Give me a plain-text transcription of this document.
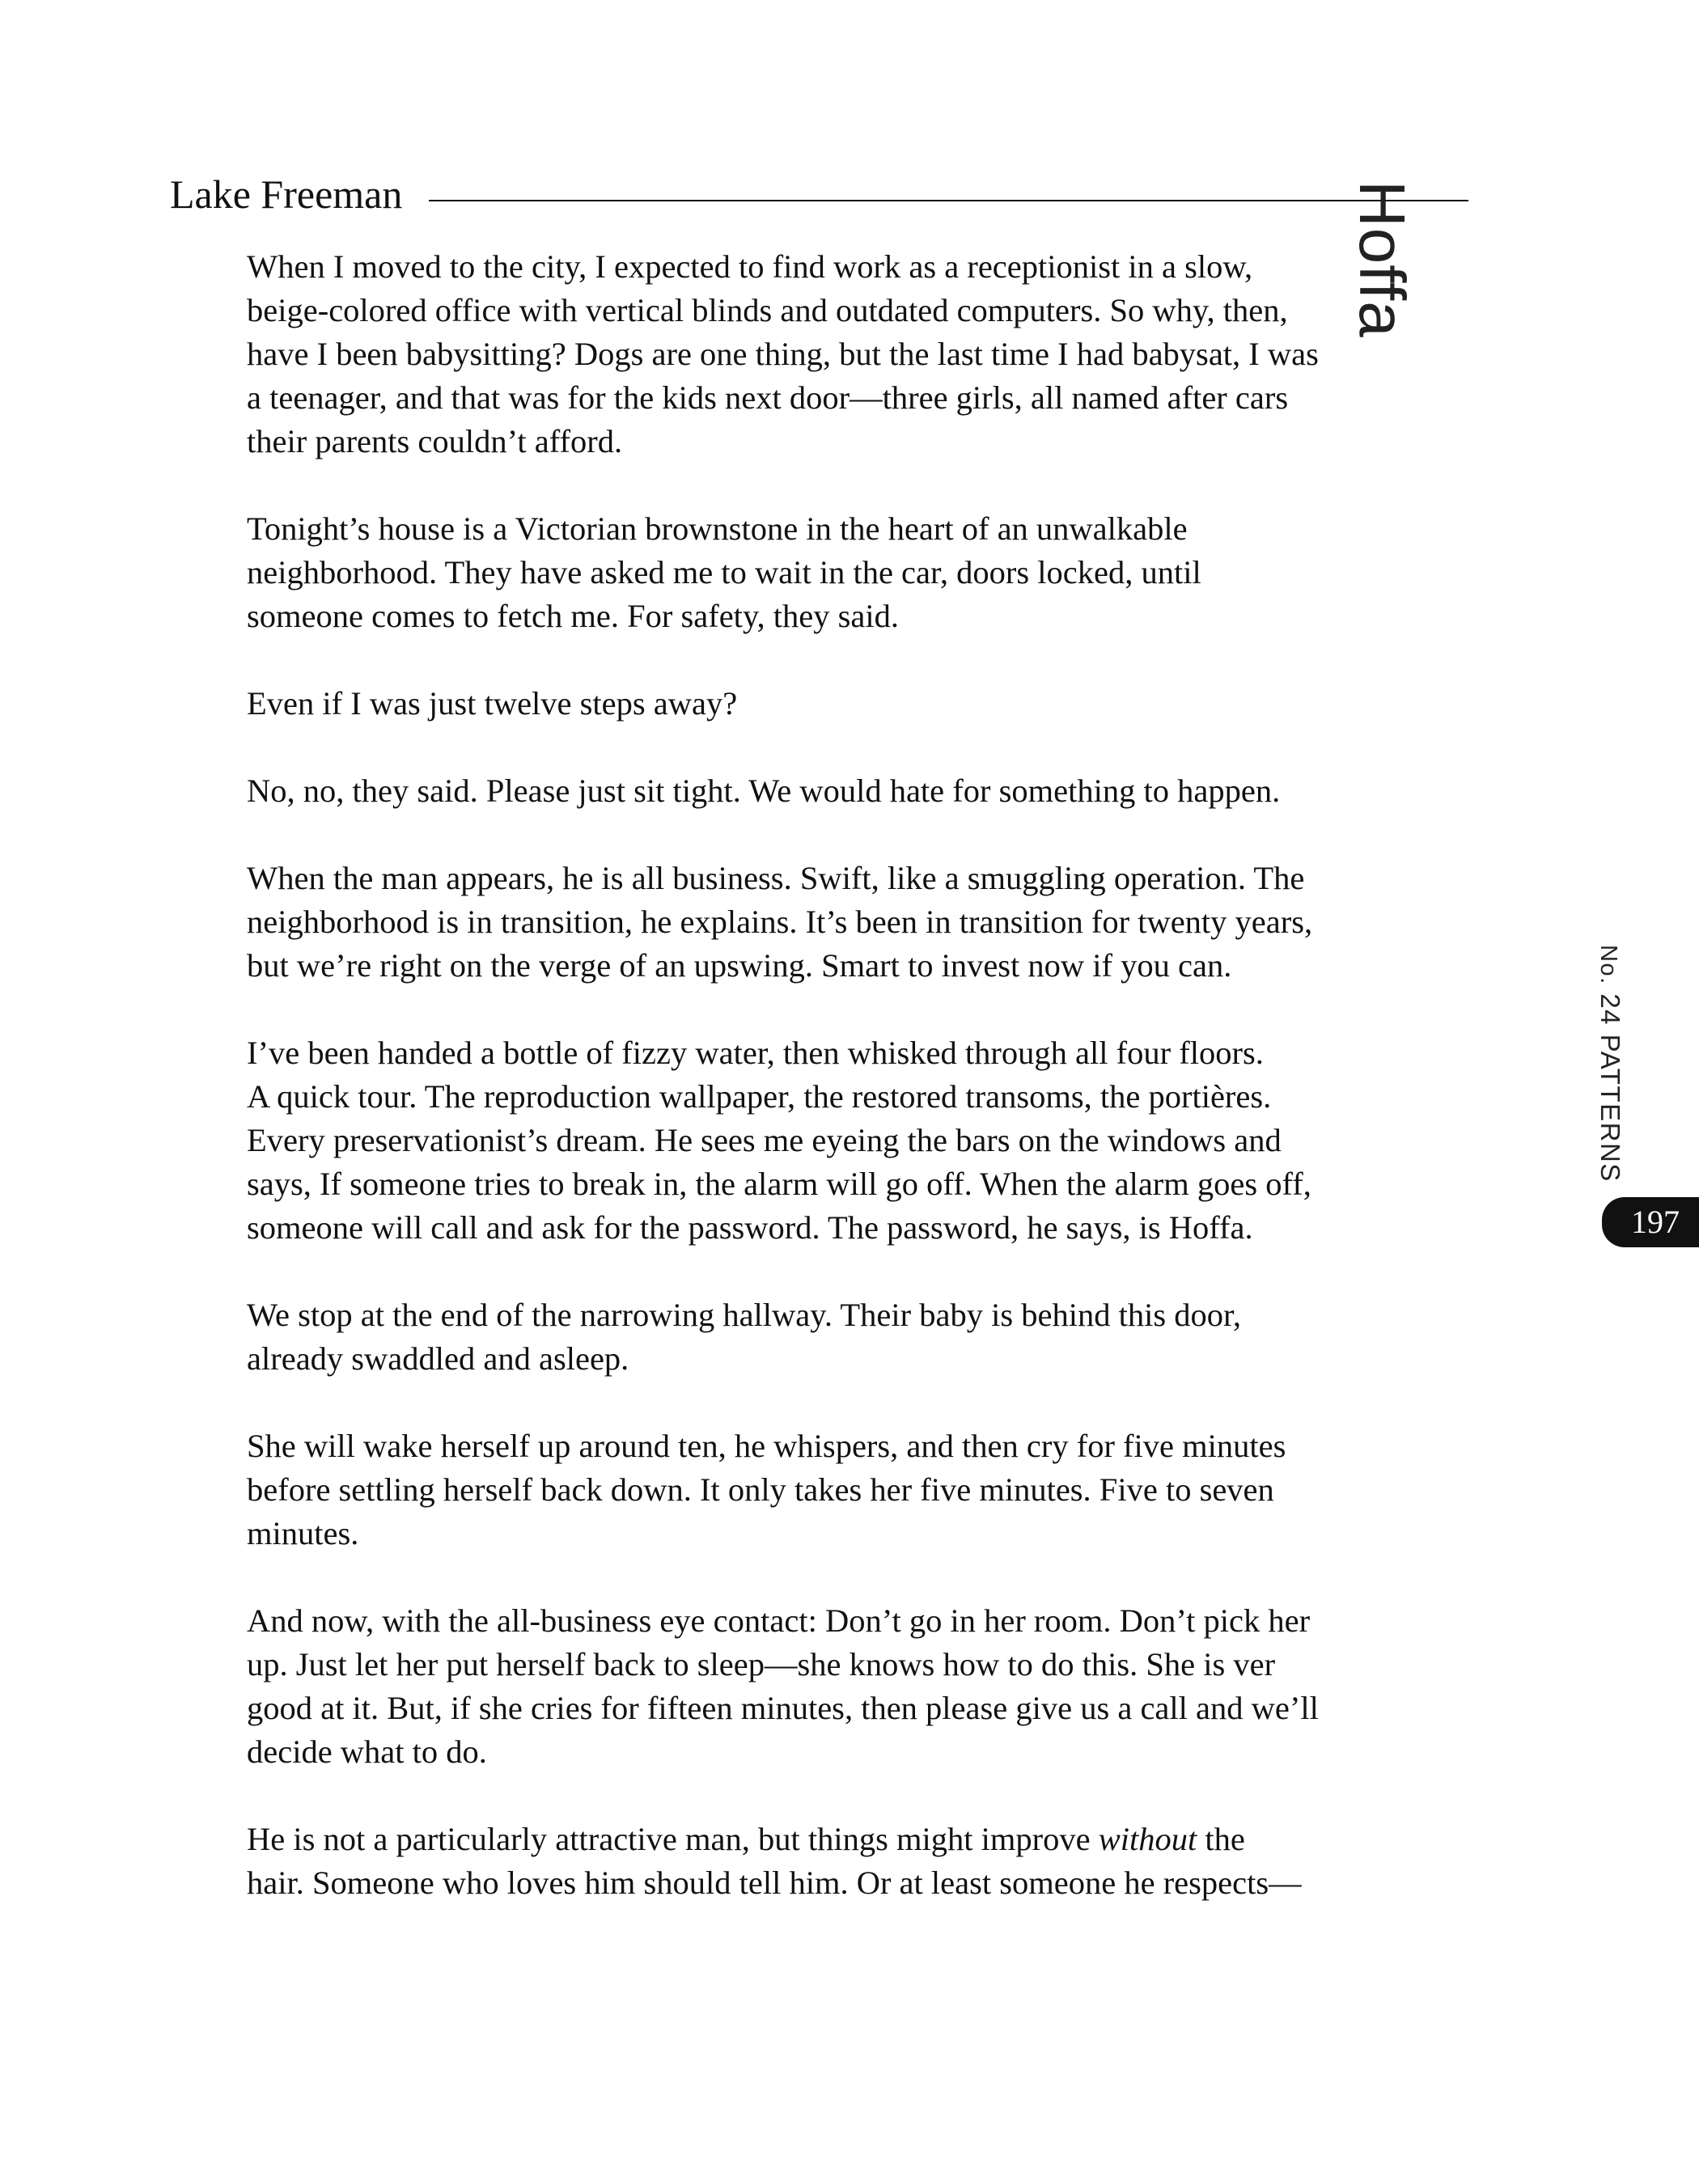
Lake Freeman	Hoffa
No. 24 PATTERNS
197

When I moved to the city, I expected to find work as a receptionist in a slow,
beige-colored office with vertical blinds and outdated computers. So why, then,
have I been babysitting? Dogs are one thing, but the last time I had babysat, I was
a teenager, and that was for the kids next door—three girls, all named after cars
their parents couldn’t afford.

Tonight’s house is a Victorian brownstone in the heart of an unwalkable
neighborhood. They have asked me to wait in the car, doors locked, until
someone comes to fetch me. For safety, they said.

Even if I was just twelve steps away?

No, no, they said. Please just sit tight. We would hate for something to happen.

When the man appears, he is all business. Swift, like a smuggling operation. The
neighborhood is in transition, he explains. It’s been in transition for twenty years,
but we’re right on the verge of an upswing. Smart to invest now if you can.

I’ve been handed a bottle of fizzy water, then whisked through all four floors.
A quick tour. The reproduction wallpaper, the restored transoms, the portières.
Every preservationist’s dream. He sees me eyeing the bars on the windows and
says, If someone tries to break in, the alarm will go off. When the alarm goes off,
someone will call and ask for the password. The password, he says, is Hoffa.

We stop at the end of the narrowing hallway. Their baby is behind this door,
already swaddled and asleep.

She will wake herself up around ten, he whispers, and then cry for five minutes
before settling herself back down. It only takes her five minutes. Five to seven
minutes.

And now, with the all-business eye contact: Don’t go in her room. Don’t pick her
up. Just let her put herself back to sleep—she knows how to do this. She is ver
good at it. But, if she cries for fifteen minutes, then please give us a call and we’ll
decide what to do.

He is not a particularly attractive man, but things might improve without the
hair. Someone who loves him should tell him. Or at least someone he respects—
